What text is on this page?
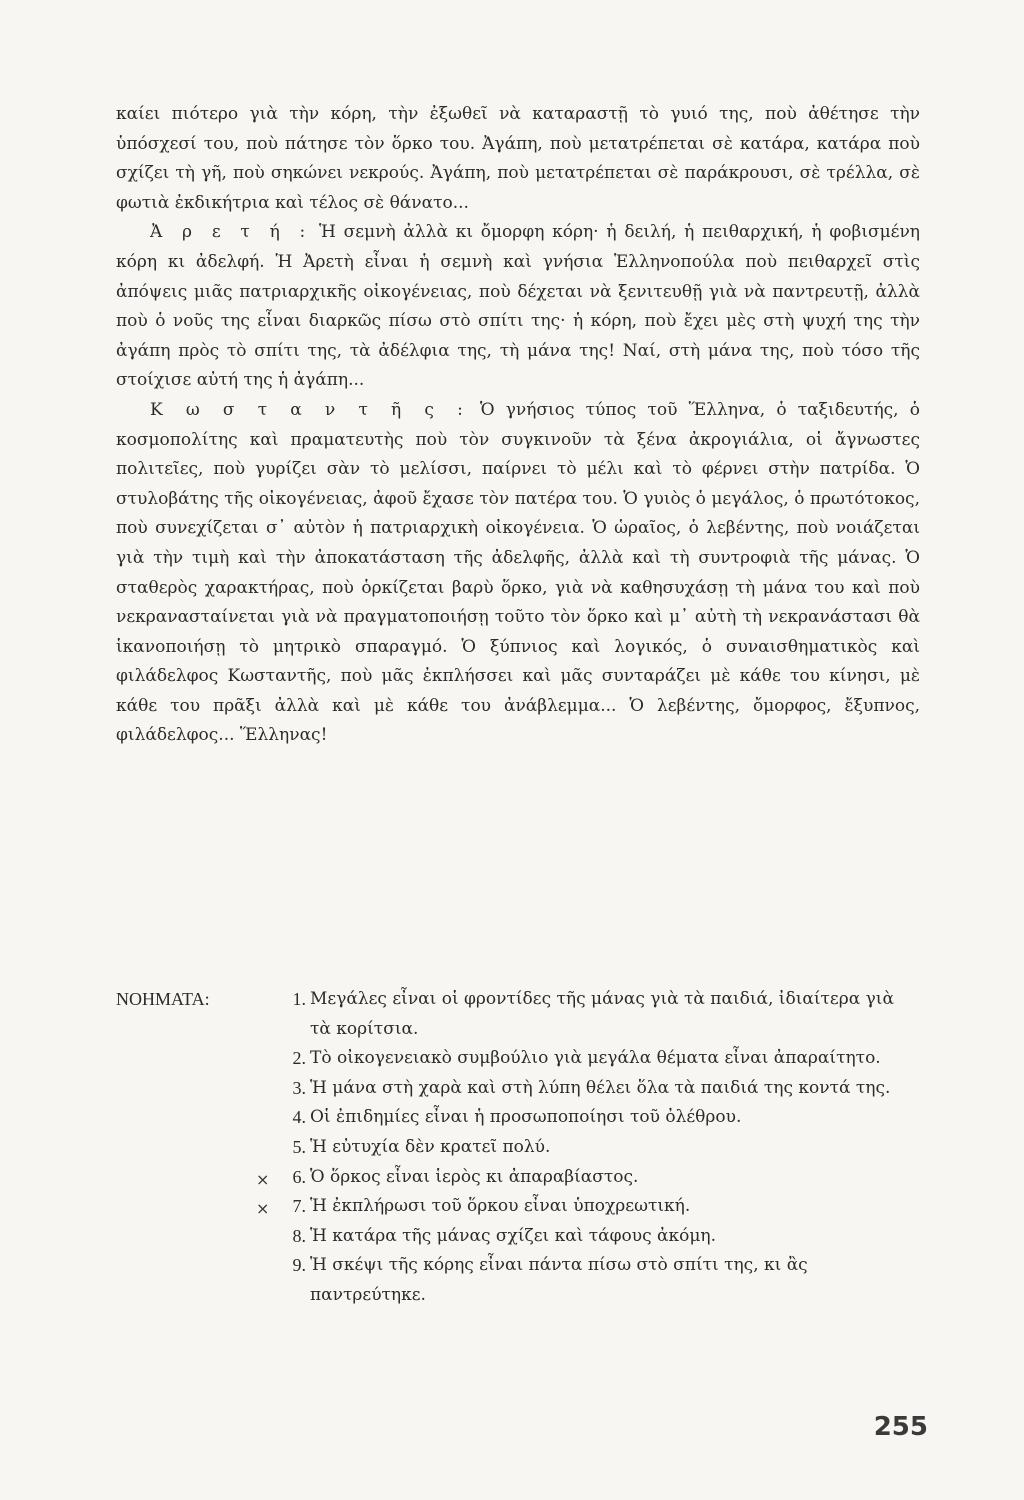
καίει πιότερο γιὰ τὴν κόρη, τὴν ἐξωθεῖ νὰ καταραστῇ τὸ γυιό της, ποὺ ἀθέτησε τὴν ὑπόσχεσί του, ποὺ πάτησε τὸν ὅρκο του. Ἀγάπη, ποὺ μετατρέπεται σὲ κατάρα, κατάρα ποὺ σχίζει τὴ γῆ, ποὺ σηκώνει νεκρούς. Ἀγάπη, ποὺ μετατρέπεται σὲ παράκρουσι, σὲ τρέλλα, σὲ φωτιὰ ἐκδικήτρια καὶ τέλος σὲ θάνατο...

Ἀ ρ ε τ ή : Ἡ σεμνὴ ἀλλὰ κι ὄμορφη κόρη· ἡ δειλή, ἡ πειθαρχική, ἡ φοβισμένη κόρη κι ἀδελφή. Ἡ Ἀρετὴ εἶναι ἡ σεμνὴ καὶ γνήσια Ἑλληνοπούλα ποὺ πειθαρχεῖ στὶς ἀπόψεις μιᾶς πατριαρχικῆς οἰκογένειας, ποὺ δέχεται νὰ ξενιτευθῇ γιὰ νὰ παντρευτῇ, ἀλλὰ ποὺ ὁ νοῦς της εἶναι διαρκῶς πίσω στὸ σπίτι της· ἡ κόρη, ποὺ ἔχει μὲς στὴ ψυχή της τὴν ἀγάπη πρὸς τὸ σπίτι της, τὰ ἀδέλφια της, τὴ μάνα της! Ναί, στὴ μάνα της, ποὺ τόσο τῆς στοίχισε αὐτή της ἡ ἀγάπη...

Κ ω σ τ α ν τ ῆ ς : Ὁ γνήσιος τύπος τοῦ Ἕλληνα, ὁ ταξιδευτής, ὁ κοσμοπολίτης καὶ πραματευτὴς ποὺ τὸν συγκινοῦν τὰ ξένα ἀκρογιάλια, οἱ ἄγνωστες πολιτεῖες, ποὺ γυρίζει σὰν τὸ μελίσσι, παίρνει τὸ μέλι καὶ τὸ φέρνει στὴν πατρίδα. Ὁ στυλοβάτης τῆς οἰκογένειας, ἀφοῦ ἔχασε τὸν πατέρα του. Ὁ γυιὸς ὁ μεγάλος, ὁ πρωτότοκος, ποὺ συνεχίζεται σ᾽ αὐτὸν ἡ πατριαρχικὴ οἰκογένεια. Ὁ ὡραῖος, ὁ λεβέντης, ποὺ νοιάζεται γιὰ τὴν τιμὴ καὶ τὴν ἀποκατάσταση τῆς ἀδελφῆς, ἀλλὰ καὶ τὴ συντροφιὰ τῆς μάνας. Ὁ σταθερὸς χαρακτήρας, ποὺ ὁρκίζεται βαρὺ ὅρκο, γιὰ νὰ καθησυχάσῃ τὴ μάνα του καὶ ποὺ νεκρανασταίνεται γιὰ νὰ πραγματοποιήσῃ τοῦτο τὸν ὅρκο καὶ μ᾽ αὐτὴ τὴ νεκρανάστασι θὰ ἱκανοποιήσῃ τὸ μητρικὸ σπαραγμό. Ὁ ξύπνιος καὶ λογικός, ὁ συναισθηματικὸς καὶ φιλάδελφος Κωσταντῆς, ποὺ μᾶς ἐκπλήσσει καὶ μᾶς συνταράζει μὲ κάθε του κίνησι, μὲ κάθε του πρᾶξι ἀλλὰ καὶ μὲ κάθε του ἀνάβλεμμα... Ὁ λεβέντης, ὄμορφος, ἔξυπνος, φιλάδελφος... Ἕλληνας!

ΝΟΗΜΑΤΑ:	1. Μεγάλες εἶναι οἱ φροντίδες τῆς μάνας γιὰ τὰ παιδιά, ἰδιαίτερα γιὰ τὰ κορίτσια.
2. Τὸ οἰκογενειακὸ συμβούλιο γιὰ μεγάλα θέματα εἶναι ἀπαραίτητο.
3. Ἡ μάνα στὴ χαρὰ καὶ στὴ λύπη θέλει ὅλα τὰ παιδιά της κοντά της.
4. Οἱ ἐπιδημίες εἶναι ἡ προσωποποίησι τοῦ ὀλέθρου.
5. Ἡ εὐτυχία δὲν κρατεῖ πολύ.
×	6. Ὁ ὅρκος εἶναι ἱερὸς κι ἀπαραβίαστος.
×	7. Ἡ ἐκπλήρωσι τοῦ ὅρκου εἶναι ὑποχρεωτική.
8. Ἡ κατάρα τῆς μάνας σχίζει καὶ τάφους ἀκόμη.
9. Ἡ σκέψι τῆς κόρης εἶναι πάντα πίσω στὸ σπίτι της, κι ἂς παντρεύτηκε.
255
